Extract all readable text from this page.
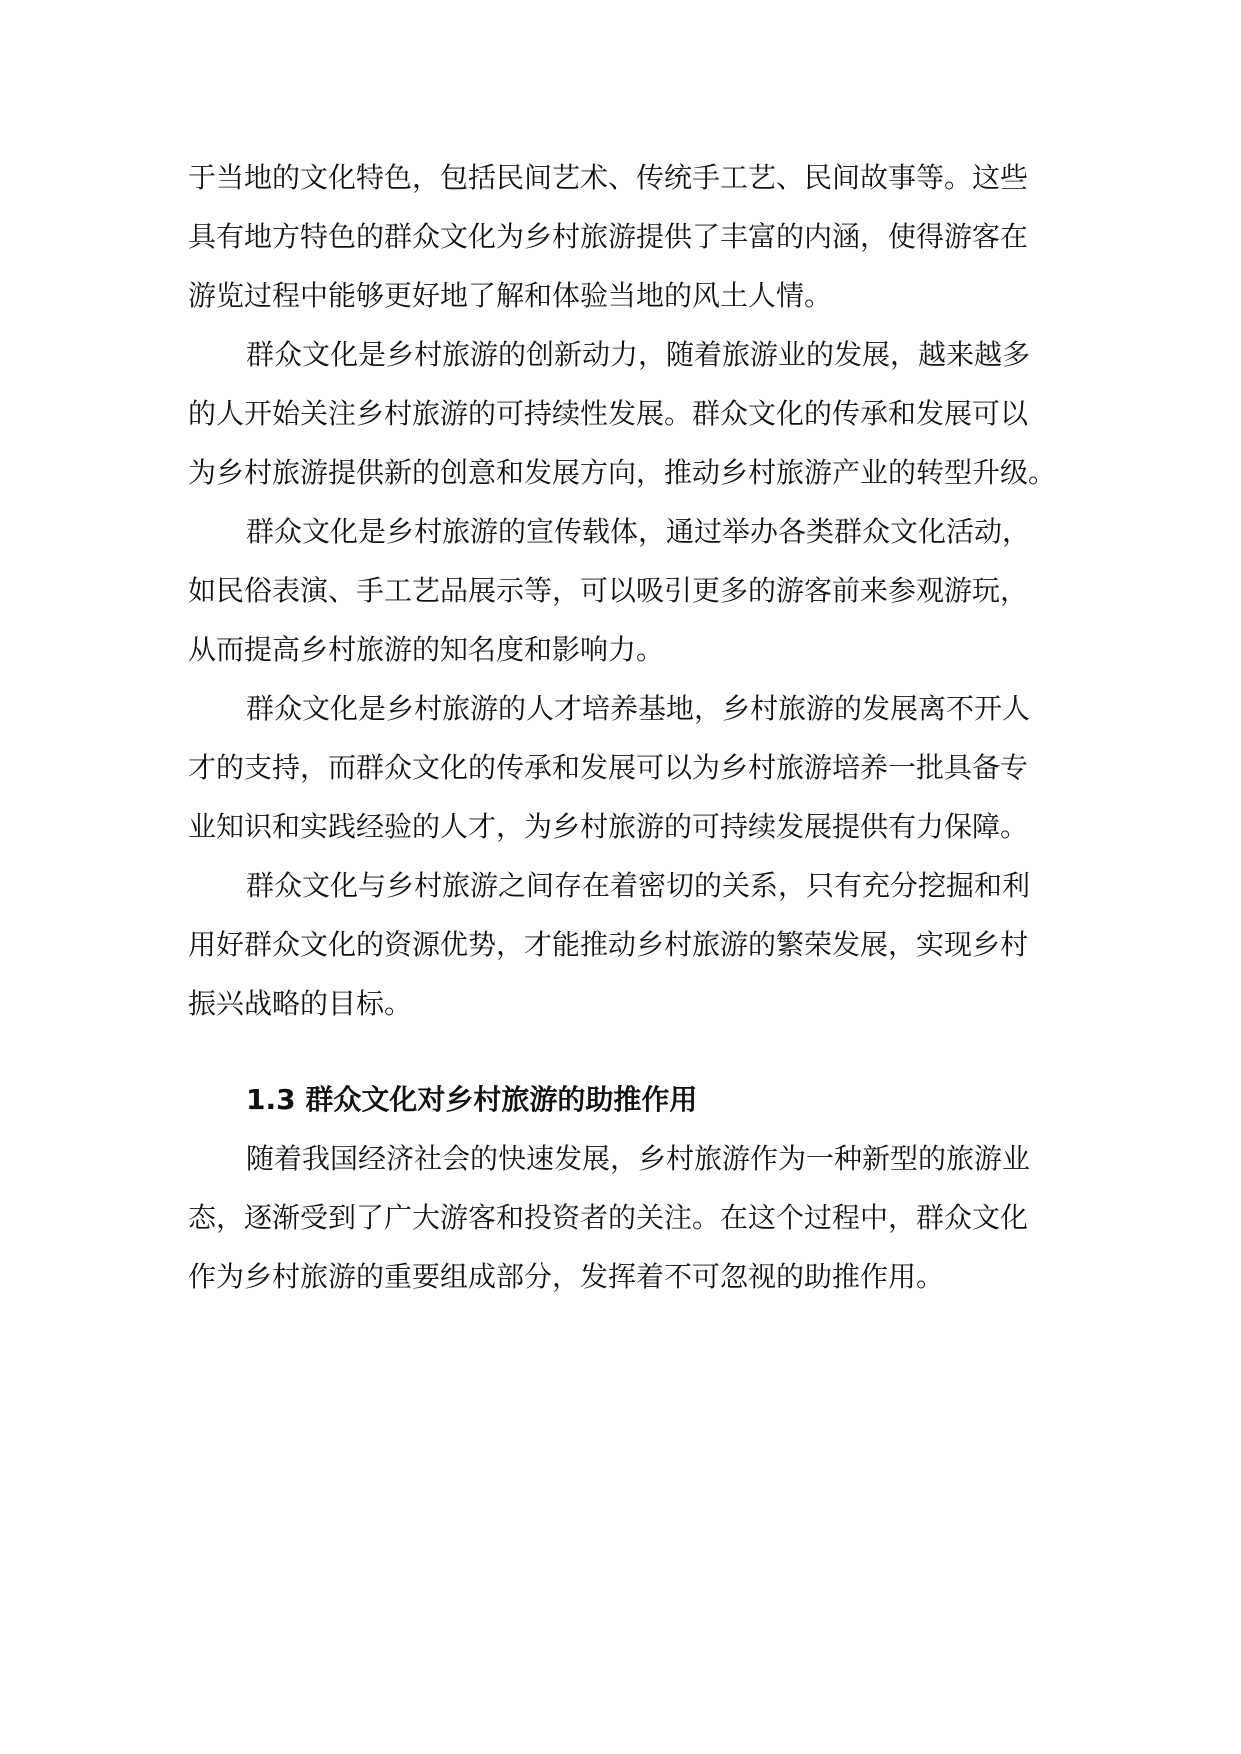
于当地的文化特色，包括民间艺术、传统手工艺、民间故事等。这些
具有地方特色的群众文化为乡村旅游提供了丰富的内涵，使得游客在
游览过程中能够更好地了解和体验当地的风土人情。

群众文化是乡村旅游的创新动力，随着旅游业的发展，越来越多
的人开始关注乡村旅游的可持续性发展。群众文化的传承和发展可以
为乡村旅游提供新的创意和发展方向，推动乡村旅游产业的转型升级。

群众文化是乡村旅游的宣传载体，通过举办各类群众文化活动，
如民俗表演、手工艺品展示等，可以吸引更多的游客前来参观游玩，
从而提高乡村旅游的知名度和影响力。

群众文化是乡村旅游的人才培养基地，乡村旅游的发展离不开人
才的支持，而群众文化的传承和发展可以为乡村旅游培养一批具备专
业知识和实践经验的人才，为乡村旅游的可持续发展提供有力保障。

群众文化与乡村旅游之间存在着密切的关系，只有充分挖掘和利
用好群众文化的资源优势，才能推动乡村旅游的繁荣发展，实现乡村
振兴战略的目标。

1.3 群众文化对乡村旅游的助推作用

随着我国经济社会的快速发展，乡村旅游作为一种新型的旅游业
态，逐渐受到了广大游客和投资者的关注。在这个过程中，群众文化
作为乡村旅游的重要组成部分，发挥着不可忽视的助推作用。
